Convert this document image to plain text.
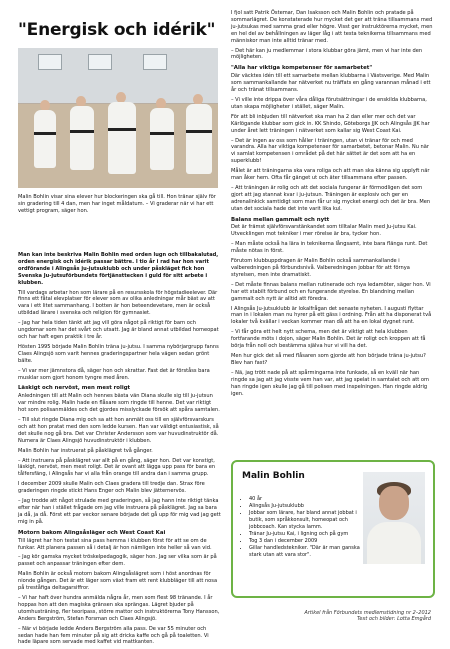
"Energisk och idérik"
Malin Bohlin visar sina elever hur blockeringen ska gå till. Hon tränar själv för sin gradering till 4 dan, men har inget måldatum. – Vi graderar när vi har ett vettigt program, säger hon.

Man kan inte beskriva Malin Bohlin med orden lugn och tillbakalutad, orden energisk och idérik passar bättre. I tio år i rad har hon varit ordförande i Alingsås ju-jutsuklubb och under påskläget fick hon Svenska Ju-jutsuförbundets förtjänsttecken i guld för sitt arbete i klubben.

Till vardags arbetar hon som lärare på en resursskola för högstadieelever. Där finns ett fåtal elevplatser för elever som av olika anledningar mår bäst av att vara i ett litet sammanhang. I botten är hon beteendevetare, men är också utbildad lärare i svenska och religion för gymnasiet.

– Jag har hela tiden tänkt att jag vill göra något på riktigt för barn och ungdomar som har det svårt och utsatt. Jag är bland annat utbildad homeopat och har haft egen praktik i tre år.

Hösten 1995 började Malin Bohlin träna ju-jutsu. I samma nybörjargrupp fanns Claes Alingsjö som varit hennes graderingspartner hela vägen sedan grönt bälte.

– Vi var mer jämnstora då, säger hon och skrattar. Fast det är förståss bara musklar som gjort honom tyngre med åren.

Läskigt och nervöst, men mest roligt

Anledningen till att Malin och hennes bästa vän Diana skulle sig till ju-jutsun var mindre rolig. Malin hade en flåsare som ringde till henne. Det var riktigt hot som polisanmäldes och det gjordes misslyckade försök att spåra samtalen.

– Till slut ringde Diana mig och sa att hon anmält oss till en självförsvarskurs och att hon pratat med den som ledde kursen. Han var väldigt entusiastisk, så det skulle nog gå bra. Det var Christer Andersson som var huvudinstruktör då. Numera är Claes Alingsjö huvudinstruktör i klubben.

Malin Bohlin har instruerat på påsklägret två gånger.

– Att instruera på påsklägret var allt på en gång, säger hon. Det var konstigt, läskigt, nervöst, men mest roligt. Det är ovant att lägga upp pass för bara en tålfersfäng, i Alingsås har vi alla från orange till andra dan i samma grupp.

I december 2009 skulle Malin och Claes gradera till tredje dan. Strax före graderingen ringde stickt Hans Enger och Malin blev jätternervös.

– Jag trodde att något strulade med graderingen, så jag hann inte riktigt tänka efter när han i stället frågade om jag ville instruera på påsklägret. Jag sa bara ja då, ja då. Först ett par veckor senare började det gå upp för mig vad jag gett mig in på.

Motorn bakom Alingsåsläger och West Coast Kai

Till lägret har hon testat sina pass hemma i klubben först för att se om de funkar. Att planera passen så i detalj är hon nämligen inte heller så van vid.

– Jag kör gamska mycket tröskelpedagogik, säger hon. Jag ser vilka som är på passet och anpassar träningen efter dem.

Malin Bohlin är också motorn bakom Alingsåslägret som i höst anordnas för nionde gången. Det är ett läger som växt fram ett rent klubbläger till att nosa på treståfiga deltagarsiffror.

– Vi har haft över hundra anmälda några år, men som flest 98 tränande. I år hoppas hon att den magiska gränsen ska sprängas. Lägret bjuder på utomhusträning, fler teoripass, större mattor och instruktörerna Tony Hansson, Anders Bergström, Stefan Forsman och Claes Alingsjö.

– När vi började ledde Anders Bergström alla pass. De var 55 minuter och sedan hade han fem minuter på sig att dricka kaffe och gå på toaletten. Vi hade läpare som servade med kaffet vid mattkanten.

I fjol satt Patrik Östemar, Dan Isaksson och Malin Bohlin och pratade på sommarlägret. De konstaterade hur mycket det ger att träna tillsammans med ju-jutsukas med samma grad eller högre. Visst ger instruktörerna mycket, men en hel del av behållningen av läger låg i att testa teknikerna tillsammans med människor man inte alltid tränar med.

– Det här kan ju medlemmar i stora klubbar göra jämt, men vi har inte den möjligheten.

"Alla har viktiga kompetenser för samarbetet"

Där väcktes idén till ett samarbete mellan klubbarna i Västsverige. Med Malin som sammankallande har nätverket nu träffats en gång varannan månad i ett år och tränat tillsammans.

– Vi ville inte drippa över våra dåliga förutsättningar i de enskilda klubbarna, utan skapa möjligheter i stället, säger Malin.

För att bli inbjuden till nätverket ska man ha 2 dan eller mer och det var Kärlögande klubbar som gick in. KK Shindo, Göteborgs JJK och Alingsås JJK har under året lett träningen i nätverket som kallar sig West Coast Kai.

– Det är ingen av oss som håller i träningen, utan vi tränar för och med varandra. Alla har viktiga kompetenser för samarbetet, betonar Malin. Nu när vi samlat kompetensen i området på det här sättet är det som att ha en superklubb!

Målet är att träningarna ska vara roliga och att man ska känna sig upplyft när man åker hem. Ofta får gänget ut och äter tillsammans efter passen.

– Att träningen är rolig och att det sociala fungerar är förmodligen det som gjort att jag stannat kvar i ju-jutsun. Träningen är explosiv och ger en adrenalinkick samtidigt som man får ur sig mycket energi och det är bra. Men utan det sociala hade det inte varit lika kul.

Balans mellan gammalt och nytt

Det är främst självförsvarstänkandet som tilltalar Malin med Ju-jutsu Kai. Utvecklingen mot tekniker i mer rörelse är bra, tycker hon.

– Man måste också ha lära in teknikerna långsamt, inte bara flänga runt. Det måste nötas in först.

Förutom klubbuppdragen är Malin Bohlin också sammankallande i valberedningen på förbundsnivå. Valberedningen jobbar för att förnya styrelsen, men inte dramatiskt.

– Det måste finnas balans mellan rutinerade och nya ledamöter, säger hon. Vi har ett stabilt förbund och en fungerande styrelse. En blandning mellan gammalt och nytt är alltid att föredra.

I Alingsås Ju-jutsuklubb är lokalfrågan det senaste nyheten. I augusti flyttar man in i lokalen man nu hyrer på ett gäss i ordning. Från att ha disponerat två lokaler två kvällar i veckan kommer man då att ha en lokal dygnet runt.

– Vi får göra ett helt nytt schema, men det är viktigt att hela klubben fortfarande möts i dojon, säger Malin Bohlin. Det är roligt och kroppen att få börja från noll och bestämma själva hur vi vill ha det.

Men hur gick det så med flåsaren som gjorde att hon började träna ju-jutsu? Blev han fast?

– Nä, jag trött nade på att spårmingarna inte funkade, så en kväll när han ringde sa jag att jag visste vem han var, att jag spelat in samtalet och att om han ringde igen skulle jag gå till polisen med inspelningen. Han ringde aldrig igen.

Malin Bohlin
• 40 år
• Alingsås Ju-jutsuklubb
• Jobbar som lärare, har bland annat jobbat i butik, som språkkonsult, homeopat och jobbcoach. Kan stycka lamm.
• Tränar Ju-jutsu Kai, i ligning och på gym
• Tog 3 dan i december 2009
• Gillar handledstekniker. "Där är man ganska stark utan att vara stor".
Artikel från Förbundets medlemstidning nr 2–2012
Text och bilder: Lotta Emgård
